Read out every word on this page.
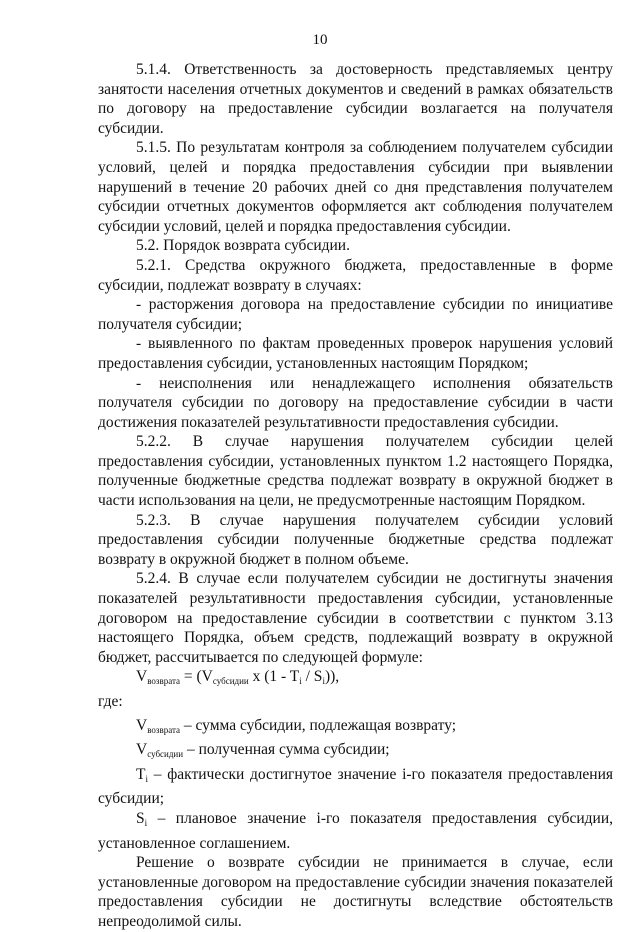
10

5.1.4. Ответственность за достоверность представляемых центру занятости населения отчетных документов и сведений в рамках обязательств по договору на предоставление субсидии возлагается на получателя субсидии.

5.1.5. По результатам контроля за соблюдением получателем субсидии условий, целей и порядка предоставления субсидии при выявлении нарушений в течение 20 рабочих дней со дня представления получателем субсидии отчетных документов оформляется акт соблюдения получателем субсидии условий, целей и порядка предоставления субсидии.

5.2. Порядок возврата субсидии.

5.2.1. Средства окружного бюджета, предоставленные в форме субсидии, подлежат возврату в случаях:

- расторжения договора на предоставление субсидии по инициативе получателя субсидии;

- выявленного по фактам проведенных проверок нарушения условий предоставления субсидии, установленных настоящим Порядком;

- неисполнения или ненадлежащего исполнения обязательств получателя субсидии по договору на предоставление субсидии в части достижения показателей результативности предоставления субсидии.

5.2.2. В случае нарушения получателем субсидии целей предоставления субсидии, установленных пунктом 1.2 настоящего Порядка, полученные бюджетные средства подлежат возврату в окружной бюджет в части использования на цели, не предусмотренные настоящим Порядком.

5.2.3. В случае нарушения получателем субсидии условий предоставления субсидии полученные бюджетные средства подлежат возврату в окружной бюджет в полном объеме.

5.2.4. В случае если получателем субсидии не достигнуты значения показателей результативности предоставления субсидии, установленные договором на предоставление субсидии в соответствии с пунктом 3.13 настоящего Порядка, объем средств, подлежащий возврату в окружной бюджет, рассчитывается по следующей формуле:

$V_{возврата} = (V_{субсидии}$ x $(1 - T_i / S_i)$),

где:

$V_{возврата}$ – сумма субсидии, подлежащая возврату;

$V_{субсидии}$ – полученная сумма субсидии;

$T_i$ – фактически достигнутое значение i-го показателя предоставления субсидии;

$S_i$ – плановое значение i-го показателя предоставления субсидии, установленное соглашением.

Решение о возврате субсидии не принимается в случае, если установленные договором на предоставление субсидии значения показателей предоставления субсидии не достигнуты вследствие обстоятельств непреодолимой силы.
